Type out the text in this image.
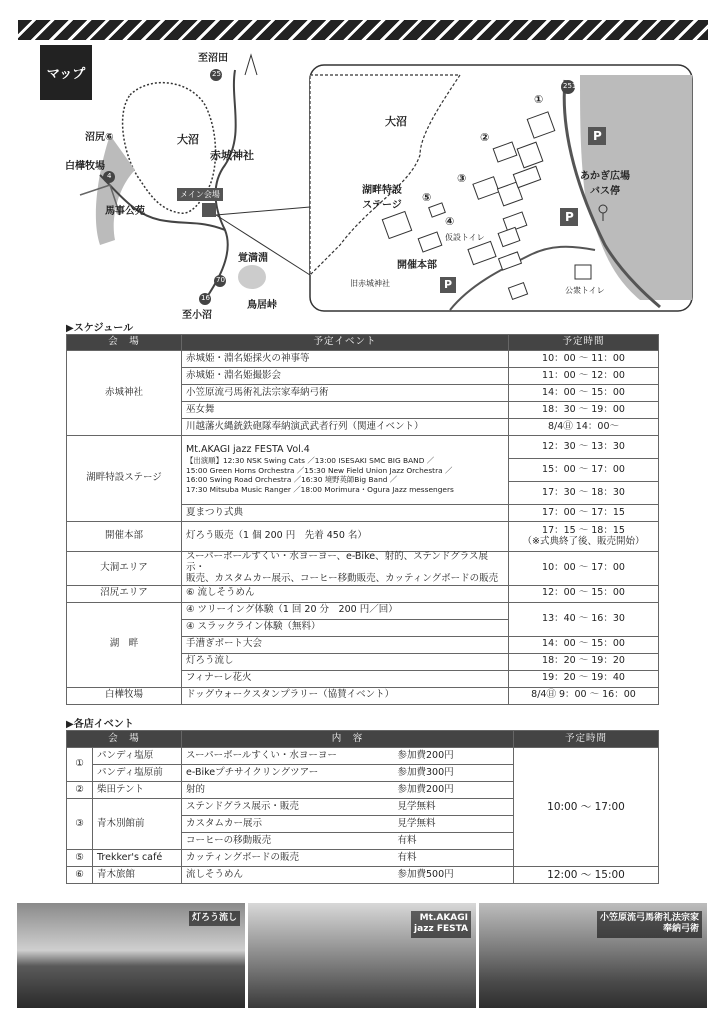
マップ
至沼田
251
大沼
赤城神社
沼尻⑥
白樺牧場
4
馬事公苑
メイン会場
覚満淵
70
鳥居峠
16
至小沼
大沼
湖畔特設
ステージ
開催本部
旧赤城神社
仮設トイレ
公衆トイレ
あかぎ広場
バス停
251
①
②
③
④
⑤
P
P
P
▶スケジュール
会　場	予定イベント	予定時間
赤城神社	赤城姫・淵名姫採火の神事等	10：00 ～ 11：00
	赤城姫・淵名姫撮影会	11：00 ～ 12：00
	小笠原流弓馬術礼法宗家奉納弓術	14：00 ～ 15：00
	巫女舞	18：30 ～ 19：00
	川越藩火縄銃鉄砲隊奉納演武武者行列（関連イベント）	8/4㊐ 14：00～
湖畔特設ステージ	Mt.AKAGI jazz FESTA Vol.4
【出演順】12:30 NSK Swing Cats ／13:00 ISESAKI SMC BIG BAND ／
15:00 Green Horns Orchestra ／15:30 New Field Union Jazz Orchestra ／
16:00 Swing Road Orchestra ／16:30 境野英師Big Band ／
17:30 Mitsuba Music Ranger ／18:00 Morimura・Ogura Jazz messengers	12：30 ～ 13：30
		15：00 ～ 17：00
		17：30 ～ 18：30
	夏まつり式典	17：00 ～ 17：15
開催本部	灯ろう販売（1 個 200 円　先着 450 名）	17：15 ～ 18：15
（※式典終了後、販売開始）

大洞エリア	スーパーボールすくい・水ヨーヨー、e-Bike、射的、ステンドグラス展示・
販売、カスタムカー展示、コーヒー移動販売、カッティングボードの販売	10：00 ～ 17：00
沼尻エリア	⑥ 流しそうめん	12：00 ～ 15：00
湖　畔	④ ツリーイング体験（1 回 20 分　200 円／回）	13：40 ～ 16：30
	④ スラックライン体験（無料）	
	手漕ぎボート大会	14：00 ～ 15：00
	灯ろう流し	18：20 ～ 19：20
	フィナーレ花火	19：20 ～ 19：40
白樺牧場	ドッグウォークスタンプラリー（協賛イベント）	8/4㊐ 9：00 ～ 16：00
▶各店イベント
会　場		内　容		予定時間
①	パンディ塩原	スーパーボールすくい・水ヨーヨー	参加費200円	10:00 ～ 17:00
	パンディ塩原前	e-Bikeプチサイクリングツアー	参加費300円	
②	柴田テント	射的	参加費200円	
③	青木別館前	ステンドグラス展示・販売	見学無料	
		カスタムカー展示	見学無料	
		コーヒーの移動販売	有料	
⑤	Trekker's café	カッティングボードの販売	有料	
⑥	青木旅館	流しそうめん	参加費500円	12:00 ～ 15:00
灯ろう流し	Mt.AKAGI
jazz FESTA
小笠原流弓馬術礼法宗家
奉納弓術
